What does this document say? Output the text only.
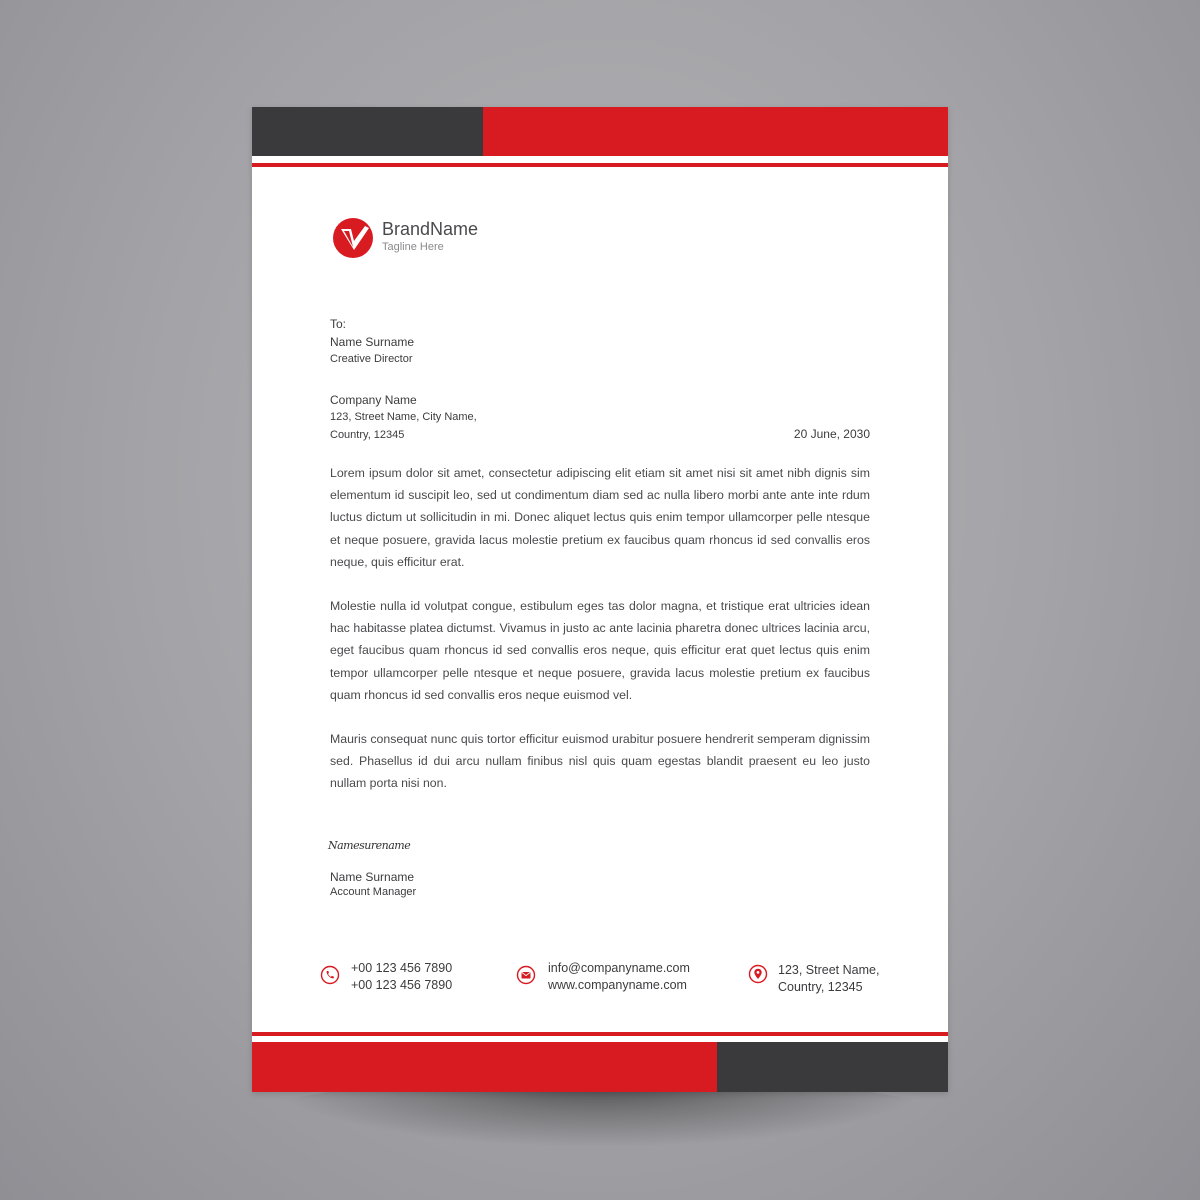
BrandName
Tagline Here
To:
Name Surname
Creative Director
Company Name
123, Street Name, City Name,
Country, 12345	20 June, 2030
Lorem ipsum dolor sit amet, consectetur adipiscing elit etiam sit amet nisi sit amet nibh dignis sim elementum id suscipit leo, sed ut condimentum diam sed ac nulla libero morbi ante ante inte rdum luctus dictum ut sollicitudin in mi. Donec aliquet lectus quis enim tempor ullamcorper pelle ntesque et neque posuere, gravida lacus molestie pretium ex faucibus quam rhoncus id sed convallis eros neque, quis efficitur erat.
Molestie nulla id volutpat congue, estibulum eges tas dolor magna, et tristique erat ultricies idean hac habitasse platea dictumst. Vivamus in justo ac ante lacinia pharetra donec ultrices lacinia arcu, eget faucibus quam rhoncus id sed convallis eros neque, quis efficitur erat quet lectus quis enim tempor ullamcorper pelle ntesque et neque posuere, gravida lacus molestie pretium ex faucibus quam rhoncus id sed convallis eros neque euismod vel.
Mauris consequat nunc quis tortor efficitur euismod urabitur posuere hendrerit semperam dignissim sed. Phasellus id dui arcu nullam finibus nisl quis quam egestas blandit praesent eu leo justo nullam porta nisi non.
Namesurename
Name Surname
Account Manager
+00 123 456 7890
+00 123 456 7890
info@companyname.com
www.companyname.com
123, Street Name,
Country, 12345
